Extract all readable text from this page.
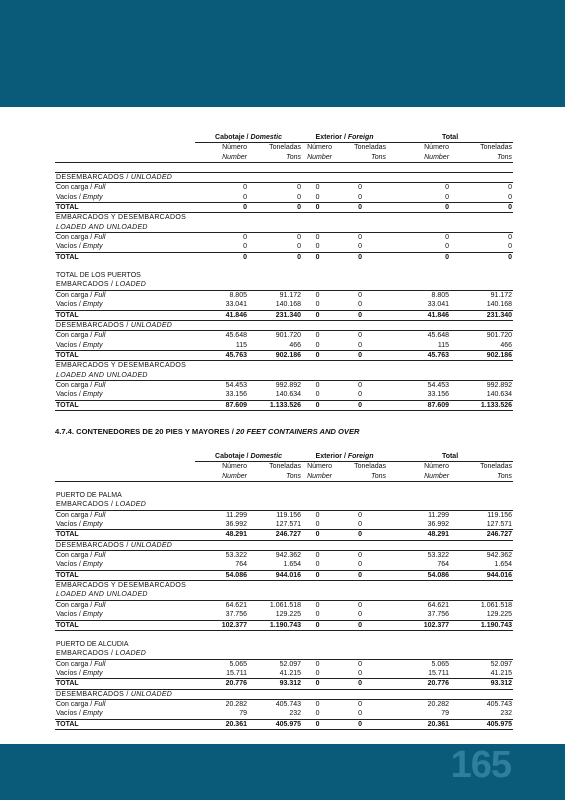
	Cabotaje / Domestic		Exterior / Foreign		Total	
	Número	Toneladas	Número	Toneladas	Número	Toneladas
	Number	Tons	Number	Tons	Number	Tons

DESEMBARCADOS / UNLOADED						
Con carga / Full	0	0	0	0	0	0
Vacíos / Empty	0	0	0	0	0	0
TOTAL	0	0	0	0	0	0
EMBARCADOS Y DESEMBARCADOS						
LOADED AND UNLOADED						
Con carga / Full	0	0	0	0	0	0
Vacíos / Empty	0	0	0	0	0	0
TOTAL	0	0	0	0	0	0

TOTAL DE LOS PUERTOS						
EMBARCADOS / LOADED						
Con carga / Full	8.805	91.172	0	0	8.805	91.172
Vacíos / Empty	33.041	140.168	0	0	33.041	140.168
TOTAL	41.846	231.340	0	0	41.846	231.340
DESEMBARCADOS / UNLOADED						
Con carga / Full	45.648	901.720	0	0	45.648	901.720
Vacíos / Empty	115	466	0	0	115	466
TOTAL	45.763	902.186	0	0	45.763	902.186
EMBARCADOS Y DESEMBARCADOS						
LOADED AND UNLOADED						
Con carga / Full	54.453	992.892	0	0	54.453	992.892
Vacíos / Empty	33.156	140.634	0	0	33.156	140.634
TOTAL	87.609	1.133.526	0	0	87.609	1.133.526
4.7.4. CONTENEDORES DE 20 PIES Y MAYORES / 20 FEET CONTAINERS AND OVER
	Cabotaje / Domestic		Exterior / Foreign		Total	
	Número	Toneladas	Número	Toneladas	Número	Toneladas
	Number	Tons	Number	Tons	Number	Tons

PUERTO DE PALMA						
EMBARCADOS / LOADED						
Con carga / Full	11.299	119.156	0	0	11.299	119.156
Vacíos / Empty	36.992	127.571	0	0	36.992	127.571
TOTAL	48.291	246.727	0	0	48.291	246.727
DESEMBARCADOS / UNLOADED						
Con carga / Full	53.322	942.362	0	0	53.322	942.362
Vacíos / Empty	764	1.654	0	0	764	1.654
TOTAL	54.086	944.016	0	0	54.086	944.016
EMBARCADOS Y DESEMBARCADOS						
LOADED AND UNLOADED						
Con carga / Full	64.621	1.061.518	0	0	64.621	1.061.518
Vacíos / Empty	37.756	129.225	0	0	37.756	129.225
TOTAL	102.377	1.190.743	0	0	102.377	1.190.743

PUERTO DE ALCUDIA						
EMBARCADOS / LOADED						
Con carga / Full	5.065	52.097	0	0	5.065	52.097
Vacíos / Empty	15.711	41.215	0	0	15.711	41.215
TOTAL	20.776	93.312	0	0	20.776	93.312
DESEMBARCADOS / UNLOADED						
Con carga / Full	20.282	405.743	0	0	20.282	405.743
Vacíos / Empty	79	232	0	0	79	232
TOTAL	20.361	405.975	0	0	20.361	405.975
165
